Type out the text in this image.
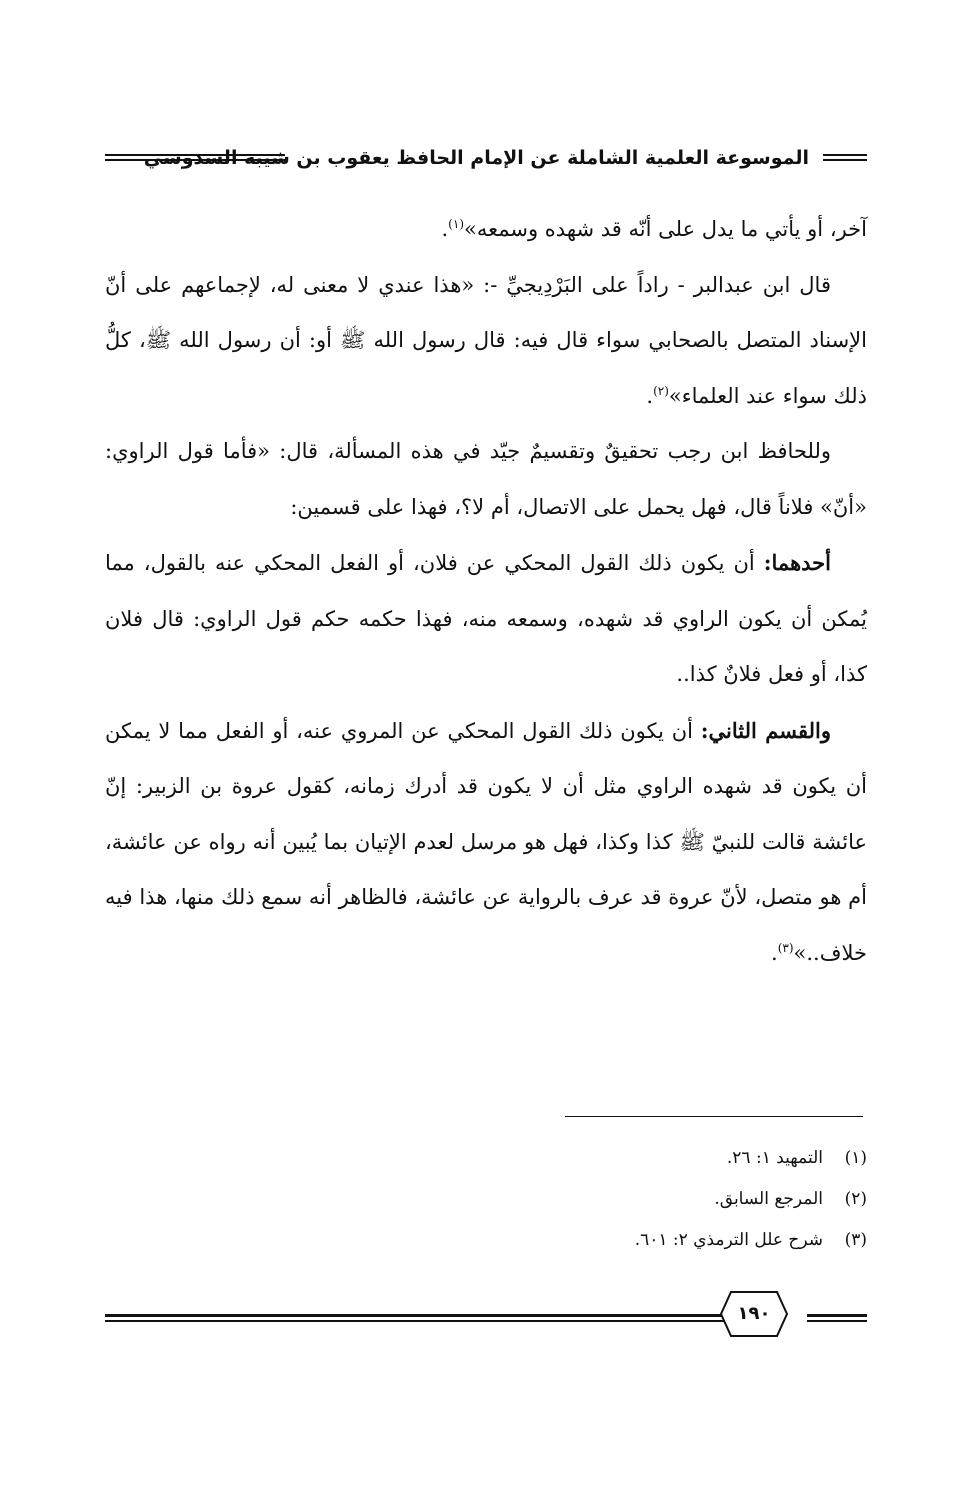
الموسوعة العلمية الشاملة عن الإمام الحافظ يعقوب بن شيبة السدوسي

آخر، أو يأتي ما يدل على أنّه قد شهده وسمعه»$^{(١)}$.

قال ابن عبدالبر - راداً على البَرْدِيجيِّ -: «هذا عندي لا معنى له، لإجماعهم على أنّ الإسناد المتصل بالصحابي سواء قال فيه: قال رسول الله ﷺ أو: أن رسول الله ﷺ، كلُّ ذلك سواء عند العلماء»$^{(٢)}$.

وللحافظ ابن رجب تحقيقٌ وتقسيمٌ جيّد في هذه المسألة، قال: «فأما قول الراوي: «أنّ» فلاناً قال، فهل يحمل على الاتصال، أم لا؟، فهذا على قسمين:

أحدهما: أن يكون ذلك القول المحكي عن فلان، أو الفعل المحكي عنه بالقول، مما يُمكن أن يكون الراوي قد شهده، وسمعه منه، فهذا حكمه حكم قول الراوي: قال فلان كذا، أو فعل فلانٌ كذا..

والقسم الثاني: أن يكون ذلك القول المحكي عن المروي عنه، أو الفعل مما لا يمكن أن يكون قد شهده الراوي مثل أن لا يكون قد أدرك زمانه، كقول عروة بن الزبير: إنّ عائشة قالت للنبيّ ﷺ كذا وكذا، فهل هو مرسل لعدم الإتيان بما يُبين أنه رواه عن عائشة، أم هو متصل، لأنّ عروة قد عرف بالرواية عن عائشة، فالظاهر أنه سمع ذلك منها، هذا فيه خلاف..»$^{(٣)}$.

(١)
التمهيد ١: ٢٦.
(٢)
المرجع السابق.
(٣)
شرح علل الترمذي ٢: ٦٠١.
١٩٠
